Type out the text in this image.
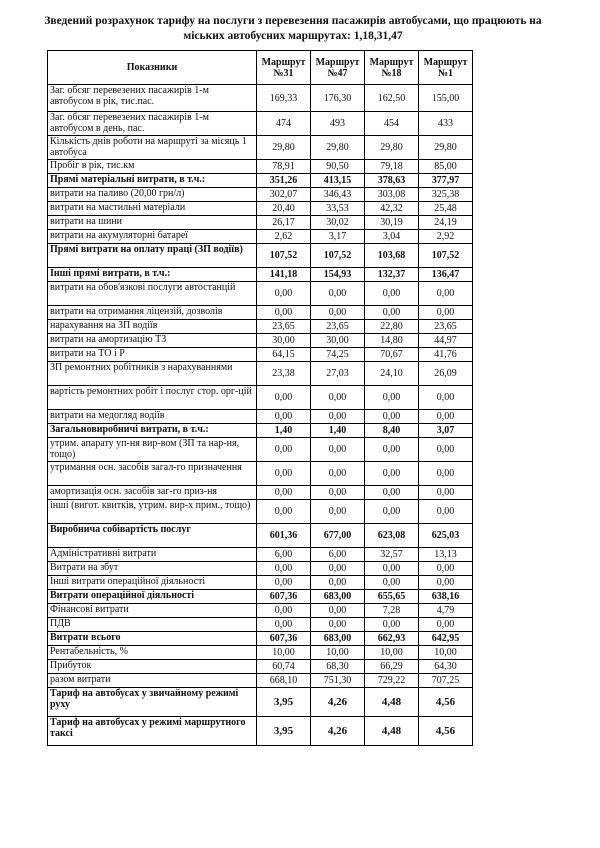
Зведений розрахунок тарифу на послуги з перевезення пасажирів автобусами, що працюють на міських автобусних маршрутах: 1,18,31,47
Показники	Маршрут №31	Маршрут №47	Маршрут №18	Маршрут №1
Заг. обсяг перевезених пасажирів 1-м автобусом в рік, тис.пас.	169,33	176,30	162,50	155,00
Заг. обсяг перевезених пасажирів 1-м автобусом в день, пас.	474	493	454	433
Кількість днів роботи на маршруті за місяць 1 автобуса	29,80	29,80	29,80	29,80
Пробіг в рік, тис.км	78,91	90,50	79,18	85,00
Прямі матеріальні витрати, в т.ч.:	351,26	413,15	378,63	377,97
витрати на паливо (20,00 грн/л)	302,07	346,43	303,08	325,38
витрати на мастильні матеріали	20,40	33,53	42,32	25,48
витрати на шини	26,17	30,02	30,19	24,19
витрати на акумуляторні батареї	2,62	3,17	3,04	2,92
Прямі витрати на оплату праці (ЗП водіїв)	107,52	107,52	103,68	107,52
Інші прямі витрати, в т.ч.:	141,18	154,93	132,37	136,47
витрати на обов'язкові послуги автостанцій	0,00	0,00	0,00	0,00
витрати на отримання ліцензій, дозволів	0,00	0,00	0,00	0,00
нарахування на ЗП водіїв	23,65	23,65	22,80	23,65
витрати на амортизацію ТЗ	30,00	30,00	14,80	44,97
витрати на ТО і Р	64,15	74,25	70,67	41,76
ЗП ремонтних робітників з нарахуваннями	23,38	27,03	24,10	26,09
вартість ремонтних робіт і послуг стор. орг-цій	0,00	0,00	0,00	0,00
витрати на медогляд водіїв	0,00	0,00	0,00	0,00
Загальновиробничі витрати, в т.ч.:	1,40	1,40	8,40	3,07
утрим. апарату уп-ня вир-вом (ЗП та нар-ня, тощо)	0,00	0,00	0,00	0,00
утримання осн. засобів загал-го призначення	0,00	0,00	0,00	0,00
амортизація осн. засобів заг-го приз-ня	0,00	0,00	0,00	0,00
інші (вигот. квитків, утрим. вир-х прим., тощо)	0,00	0,00	0,00	0,00
Виробнича собівартість послуг	601,36	677,00	623,08	625,03
Адміністративні витрати	6,00	6,00	32,57	13,13
Витрати на збут	0,00	0,00	0,00	0,00
Інші витрати операційної діяльності	0,00	0,00	0,00	0,00
Витрати операційної діяльності	607,36	683,00	655,65	638,16
Фінансові витрати	0,00	0,00	7,28	4,79
ПДВ	0,00	0,00	0,00	0,00
Витрати всього	607,36	683,00	662,93	642,95
Рентабельність, %	10,00	10,00	10,00	10,00
Прибуток	60,74	68,30	66,29	64,30
разом витрати	668,10	751,30	729,22	707,25
Тариф на автобусах у звичайному режимі руху	3,95	4,26	4,48	4,56
Тариф на автобусах у режимі маршрутного таксі	3,95	4,26	4,48	4,56
